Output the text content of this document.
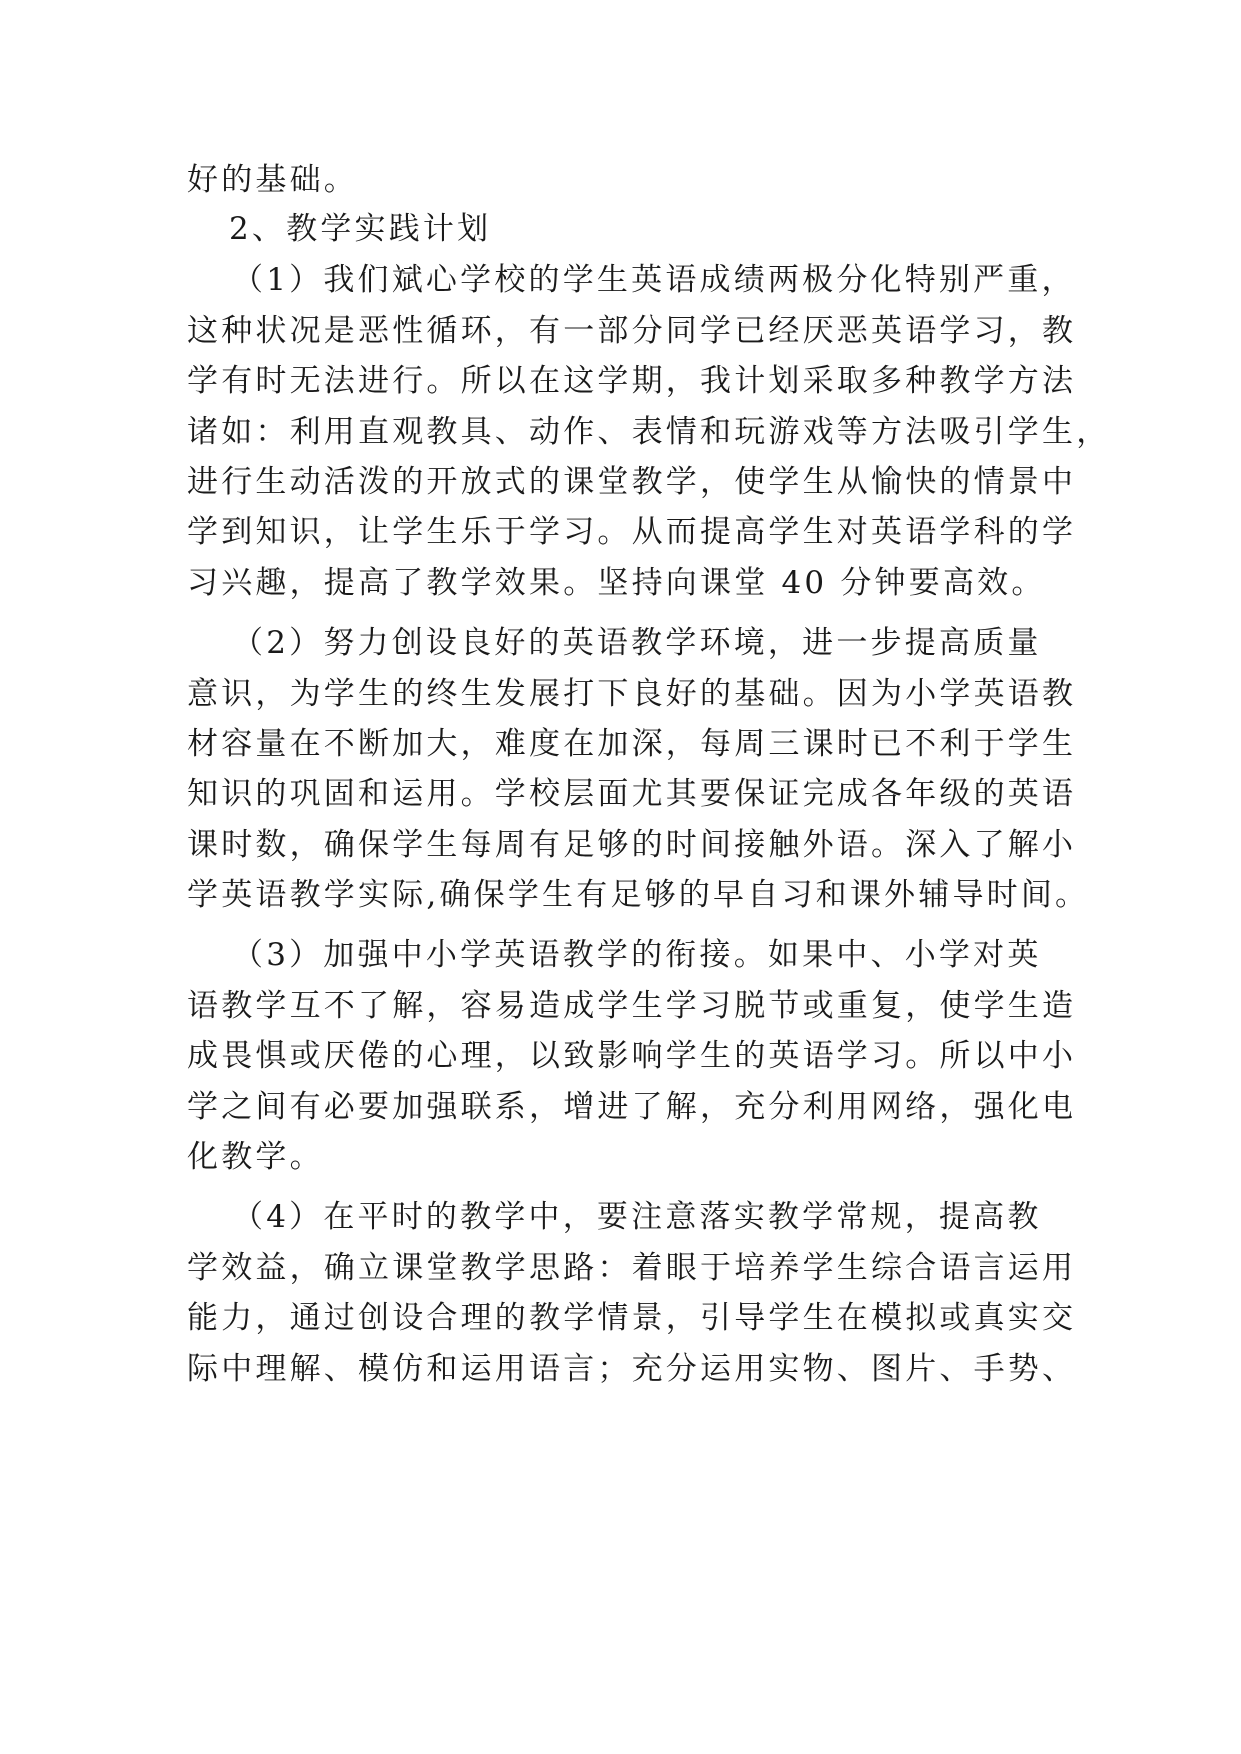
好的基础。
2、教学实践计划
（1）我们斌心学校的学生英语成绩两极分化特别严重，
这种状况是恶性循环，有一部分同学已经厌恶英语学习，教
学有时无法进行。所以在这学期，我计划采取多种教学方法
诸如：利用直观教具、动作、表情和玩游戏等方法吸引学生，
进行生动活泼的开放式的课堂教学，使学生从愉快的情景中
学到知识，让学生乐于学习。从而提高学生对英语学科的学
习兴趣，提高了教学效果。坚持向课堂 40 分钟要高效。
（2）努力创设良好的英语教学环境，进一步提高质量
意识，为学生的终生发展打下良好的基础。因为小学英语教
材容量在不断加大，难度在加深，每周三课时已不利于学生
知识的巩固和运用。学校层面尤其要保证完成各年级的英语
课时数，确保学生每周有足够的时间接触外语。深入了解小
学英语教学实际,确保学生有足够的早自习和课外辅导时间。
（3）加强中小学英语教学的衔接。如果中、小学对英
语教学互不了解，容易造成学生学习脱节或重复，使学生造
成畏惧或厌倦的心理，以致影响学生的英语学习。所以中小
学之间有必要加强联系，增进了解，充分利用网络，强化电
化教学。
（4）在平时的教学中，要注意落实教学常规，提高教
学效益，确立课堂教学思路：着眼于培养学生综合语言运用
能力，通过创设合理的教学情景，引导学生在模拟或真实交
际中理解、模仿和运用语言；充分运用实物、图片、手势、
